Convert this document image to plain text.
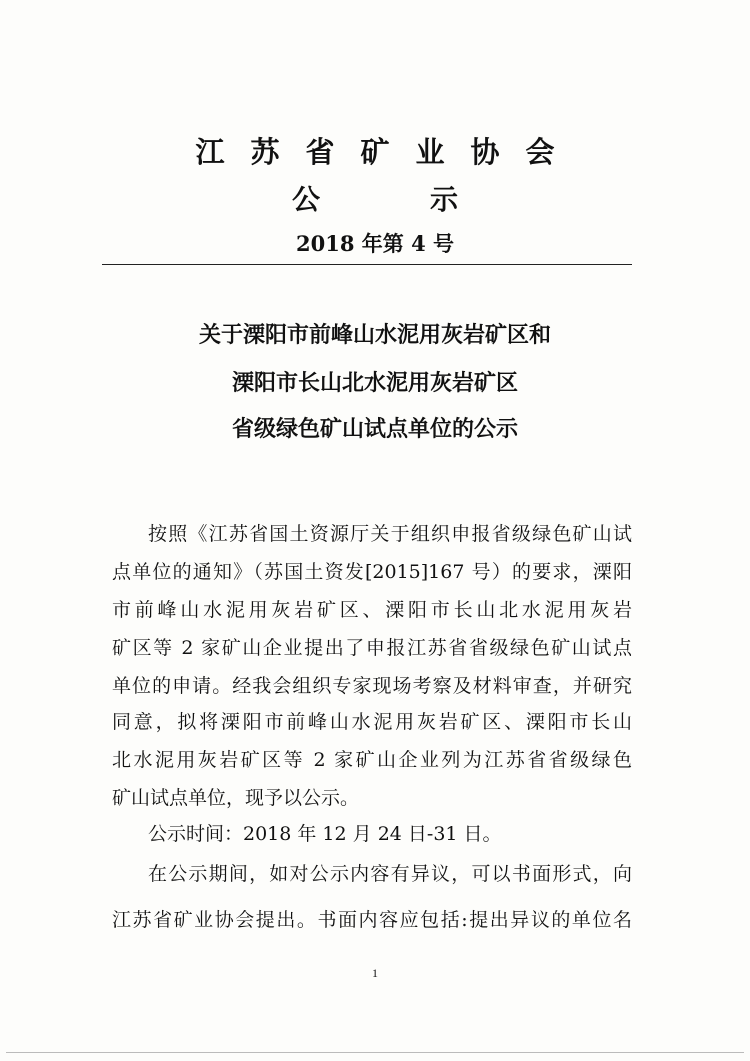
江苏省矿业协会
公示
2018 年第 4 号
关于溧阳市前峰山水泥用灰岩矿区和
溧阳市长山北水泥用灰岩矿区
省级绿色矿山试点单位的公示
按照《江苏省国土资源厅关于组织申报省级绿色矿山试
点单位的通知》（苏国土资发[2015]167 号）的要求，溧阳
市前峰山水泥用灰岩矿区、溧阳市长山北水泥用灰岩
矿区等 2 家矿山企业提出了申报江苏省省级绿色矿山试点
单位的申请。经我会组织专家现场考察及材料审查，并研究
同意，拟将溧阳市前峰山水泥用灰岩矿区、溧阳市长山
北水泥用灰岩矿区等 2 家矿山企业列为江苏省省级绿色
矿山试点单位，现予以公示。
公示时间：2018 年 12 月 24 日-31 日。
在公示期间，如对公示内容有异议，可以书面形式，向
江苏省矿业协会提出。书面内容应包括:提出异议的单位名
1
